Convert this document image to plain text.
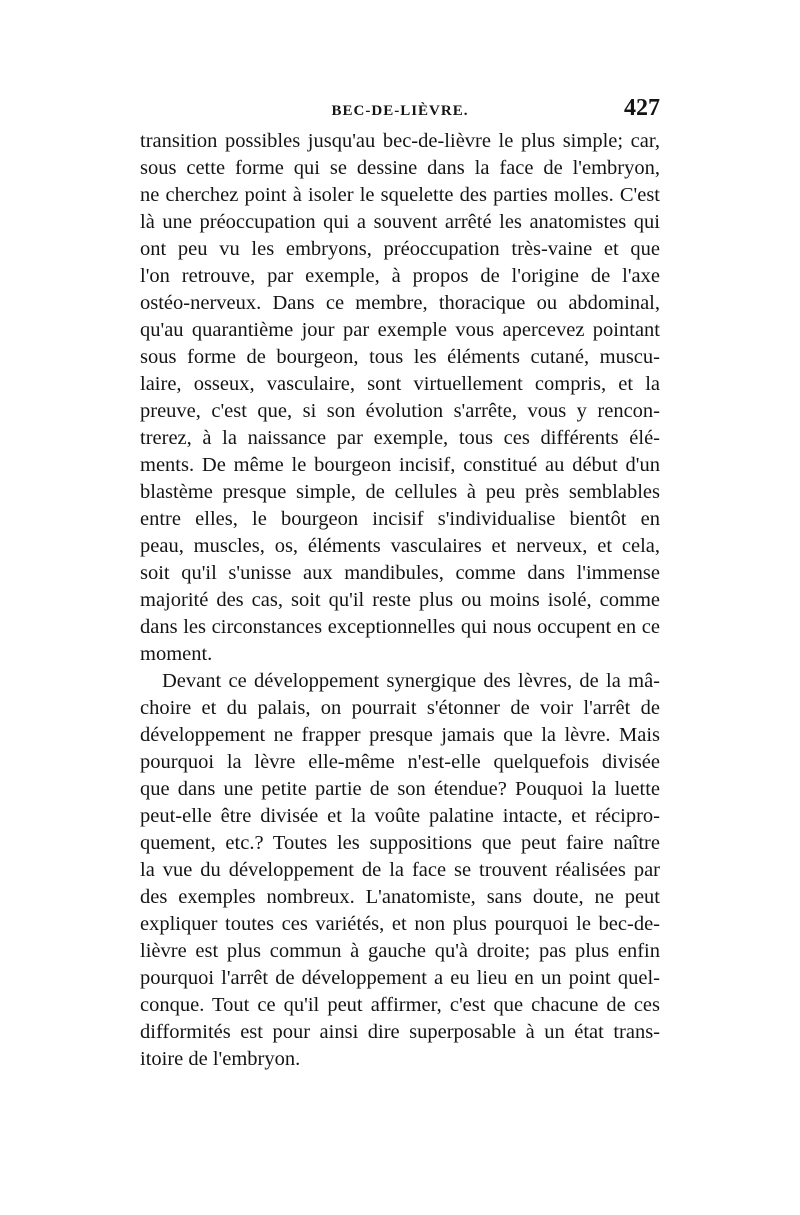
BEC-DE-LIÈVRE.	427
transition possibles jusqu'au bec-de-lièvre le plus simple; car,
sous cette forme qui se dessine dans la face de l'embryon,
ne cherchez point à isoler le squelette des parties molles. C'est
là une préoccupation qui a souvent arrêté les anatomistes qui
ont peu vu les embryons, préoccupation très-vaine et que
l'on retrouve, par exemple, à propos de l'origine de l'axe
ostéo-nerveux. Dans ce membre, thoracique ou abdominal,
qu'au quarantième jour par exemple vous apercevez pointant
sous forme de bourgeon, tous les éléments cutané, muscu-
laire, osseux, vasculaire, sont virtuellement compris, et la
preuve, c'est que, si son évolution s'arrête, vous y rencon-
trerez, à la naissance par exemple, tous ces différents élé-
ments. De même le bourgeon incisif, constitué au début d'un
blastème presque simple, de cellules à peu près semblables
entre elles, le bourgeon incisif s'individualise bientôt en
peau, muscles, os, éléments vasculaires et nerveux, et cela,
soit qu'il s'unisse aux mandibules, comme dans l'immense
majorité des cas, soit qu'il reste plus ou moins isolé, comme
dans les circonstances exceptionnelles qui nous occupent en ce
moment.
Devant ce développement synergique des lèvres, de la mâ-
choire et du palais, on pourrait s'étonner de voir l'arrêt de
développement ne frapper presque jamais que la lèvre. Mais
pourquoi la lèvre elle-même n'est-elle quelquefois divisée
que dans une petite partie de son étendue? Pouquoi la luette
peut-elle être divisée et la voûte palatine intacte, et récipro-
quement, etc.? Toutes les suppositions que peut faire naître
la vue du développement de la face se trouvent réalisées par
des exemples nombreux. L'anatomiste, sans doute, ne peut
expliquer toutes ces variétés, et non plus pourquoi le bec-de-
lièvre est plus commun à gauche qu'à droite; pas plus enfin
pourquoi l'arrêt de développement a eu lieu en un point quel-
conque. Tout ce qu'il peut affirmer, c'est que chacune de ces
difformités est pour ainsi dire superposable à un état trans-
itoire de l'embryon.
